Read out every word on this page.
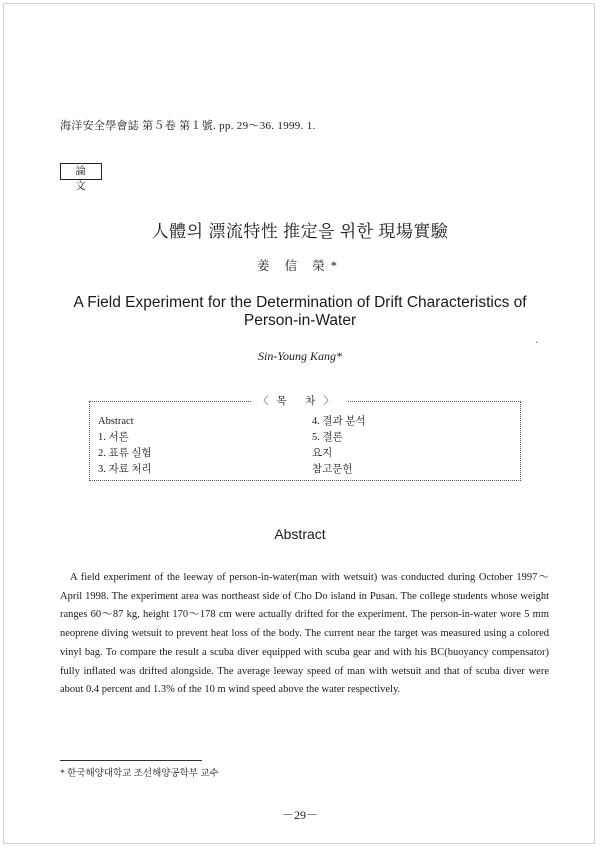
海洋安全學會誌 第５卷 第１號. pp. 29～36. 1999. 1.
論 文
人體의 漂流特性 推定을 위한 現場實驗
姜 信 榮*
A Field Experiment for the Determination of Drift Characteristics of Person-in-Water
·
Sin-Young Kang*
〈목 차〉
Abstract
1. 서론
2. 표류 실험
3. 자료 처리
4. 결과 분석
5. 결론
요지
참고문헌
Abstract
A field experiment of the leeway of person-in-water(man with wetsuit) was conducted during October 1997～April 1998. The experiment area was northeast side of Cho Do island in Pusan. The college students whose weight ranges 60～87 kg, height 170～178 cm were actually drifted for the experiment. The person-in-water wore 5 mm neoprene diving wetsuit to prevent heat loss of the body. The current near the target was measured using a colored vinyl bag. To compare the result a scuba diver equipped with scuba gear and with his BC(buoyancy compensator) fully inflated was drifted alongside. The average leeway speed of man with wetsuit and that of scuba diver were about 0.4 percent and 1.3% of the 10 m wind speed above the water respectively.
* 한국해양대학교 조선해양공학부 교수
－29－
